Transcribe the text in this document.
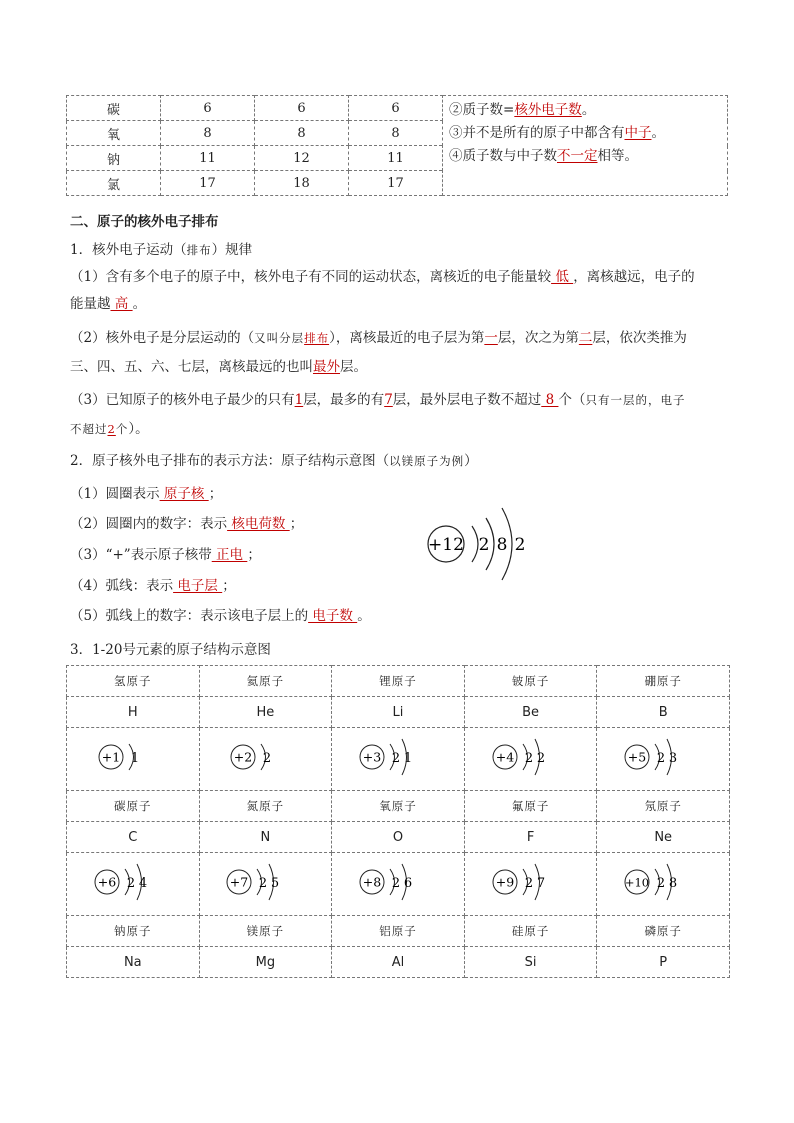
碳	6	6	6	②质子数=核外电子数。
③并不是所有的原子中都含有中子。
④质子数与中子数不一定相等。

氧	8	8	8	
钠	11	12	11	
氯	17	18	17	
二、原子的核外电子排布
1．核外电子运动（排布）规律
（1）含有多个电子的原子中，核外电子有不同的运动状态，离核近的电子能量较 低 ，离核越远，电子的
能量越 高 。
（2）核外电子是分层运动的（又叫分层排布），离核最近的电子层为第一层，次之为第二层，依次类推为
三、四、五、六、七层，离核最远的也叫最外层。
（3）已知原子的核外电子最少的只有1层，最多的有7层，最外层电子数不超过 8 个（只有一层的，电子
不超过2个）。
2．原子核外电子排布的表示方法：原子结构示意图（以镁原子为例）
（1）圆圈表示 原子核 ；
（2）圆圈内的数字：表示 核电荷数 ；
（3）“+”表示原子核带 正电 ；
（4）弧线：表示 电子层 ；
（5）弧线上的数字：表示该电子层上的 电子数 。
+12 2 8 2
3．1-20号元素的原子结构示意图
氢原子	氦原子	锂原子	铍原子	硼原子
H	He	Li	Be	B

+1 1	+2 2	+3 2 1	+4 2 2	+5 2 3

碳原子	氮原子	氧原子	氟原子	氖原子
C	N	O	F	Ne

+6 2 4	+7 2 5	+8 2 6	+9 2 7	+10 2 8

钠原子	镁原子	铝原子	硅原子	磷原子
Na	Mg	Al	Si	P
